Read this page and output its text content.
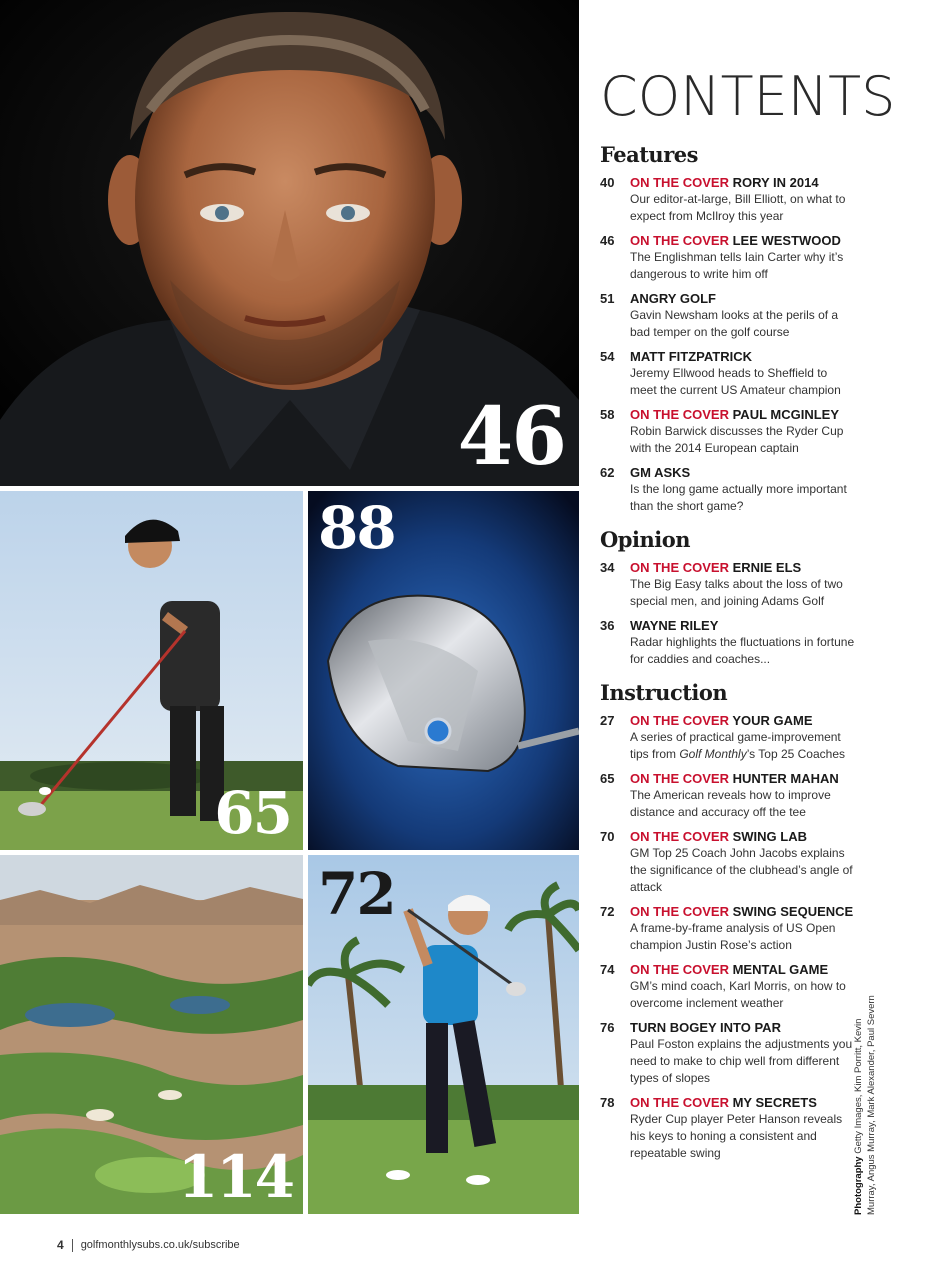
46
65
88
114
72
CONTENTS
Features
40	ON THE COVER RORY IN 2014
Our editor-at-large, Bill Elliott, on what to expect from McIlroy this year
46	ON THE COVER LEE WESTWOOD
The Englishman tells Iain Carter why it’s dangerous to write him off
51	ANGRY GOLF
Gavin Newsham looks at the perils of a bad temper on the golf course
54	MATT FITZPATRICK
Jeremy Ellwood heads to Sheffield to meet the current US Amateur champion
58	ON THE COVER PAUL MCGINLEY
Robin Barwick discusses the Ryder Cup with the 2014 European captain
62	GM ASKS
Is the long game actually more important than the short game?
Opinion
34	ON THE COVER ERNIE ELS
The Big Easy talks about the loss of two special men, and joining Adams Golf
36	WAYNE RILEY
Radar highlights the fluctuations in fortune for caddies and coaches...
Instruction
27	ON THE COVER YOUR GAME
A series of practical game-improvement tips from Golf Monthly’s Top 25 Coaches
65	ON THE COVER HUNTER MAHAN
The American reveals how to improve distance and accuracy off the tee
70	ON THE COVER SWING LAB
GM Top 25 Coach John Jacobs explains the significance of the clubhead’s angle of attack
72	ON THE COVER SWING SEQUENCE
A frame-by-frame analysis of US Open champion Justin Rose’s action
74	ON THE COVER MENTAL GAME
GM’s mind coach, Karl Morris, on how to overcome inclement weather
76	TURN BOGEY INTO PAR
Paul Foston explains the adjustments you need to make to chip well from different types of slopes
78	ON THE COVER MY SECRETS
Ryder Cup player Peter Hanson reveals his keys to honing a consistent and repeatable swing
Photography Getty Images, Kim Porritt, Kevin Murray, Angus Murray, Mark Alexander, Paul Severn
4 golfmonthlysubs.co.uk/subscribe
